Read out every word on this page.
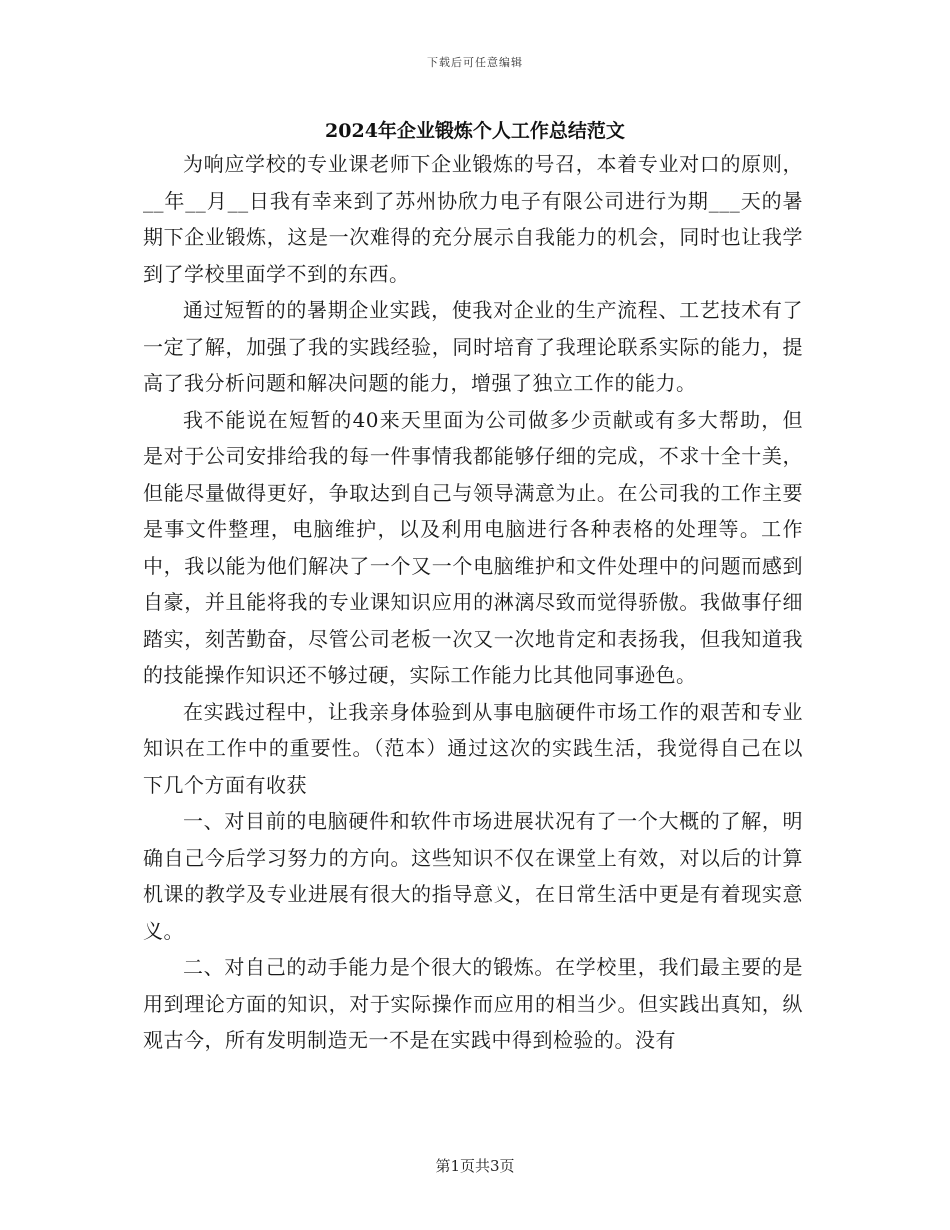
下载后可任意编辑
2024年企业锻炼个人工作总结范文

为响应学校的专业课老师下企业锻炼的号召，本着专业对口的原则，__年__月__日我有幸来到了苏州协欣力电子有限公司进行为期___天的暑期下企业锻炼，这是一次难得的充分展示自我能力的机会，同时也让我学到了学校里面学不到的东西。

通过短暂的的暑期企业实践，使我对企业的生产流程、工艺技术有了一定了解，加强了我的实践经验，同时培育了我理论联系实际的能力，提高了我分析问题和解决问题的能力，增强了独立工作的能力。

我不能说在短暂的40来天里面为公司做多少贡献或有多大帮助，但是对于公司安排给我的每一件事情我都能够仔细的完成，不求十全十美，但能尽量做得更好，争取达到自己与领导满意为止。在公司我的工作主要是事文件整理，电脑维护，以及利用电脑进行各种表格的处理等。工作中，我以能为他们解决了一个又一个电脑维护和文件处理中的问题而感到自豪，并且能将我的专业课知识应用的淋漓尽致而觉得骄傲。我做事仔细踏实，刻苦勤奋，尽管公司老板一次又一次地肯定和表扬我，但我知道我的技能操作知识还不够过硬，实际工作能力比其他同事逊色。

在实践过程中，让我亲身体验到从事电脑硬件市场工作的艰苦和专业知识在工作中的重要性。（范本）通过这次的实践生活，我觉得自己在以下几个方面有收获

一、对目前的电脑硬件和软件市场进展状况有了一个大概的了解，明确自己今后学习努力的方向。这些知识不仅在课堂上有效，对以后的计算机课的教学及专业进展有很大的指导意义，在日常生活中更是有着现实意义。

二、对自己的动手能力是个很大的锻炼。在学校里，我们最主要的是用到理论方面的知识，对于实际操作而应用的相当少。但实践出真知，纵观古今，所有发明制造无一不是在实践中得到检验的。没有

第1页共3页
